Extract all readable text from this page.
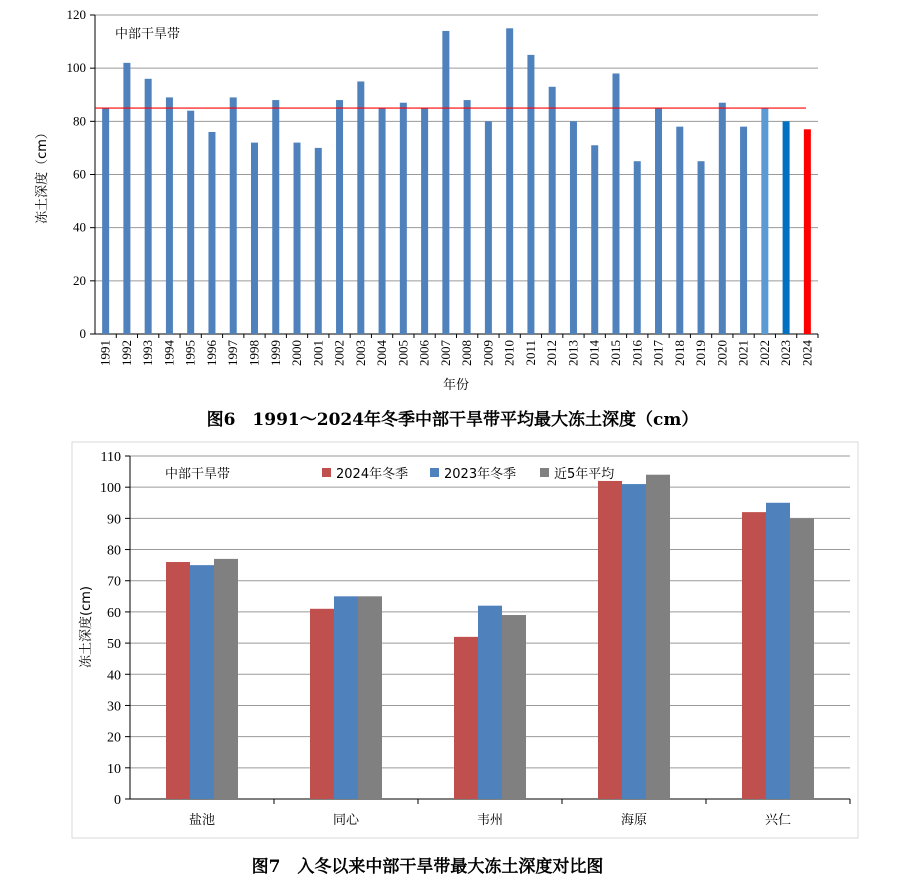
0
20
40
60
80
100
120
1991 1992 1993 1994 1995 1996 1997 1998 1999 2000 2001 2002 2003 2004 2005 2006 2007 2008 2009 2010 2011 2012 2013 2014 2015 2016 2017 2018 2019 2020 2021 2022 2023 2024
中部干旱带
年份
冻土深度（cm）
图6　1991～2024年冬季中部干旱带平均最大冻土深度（cm）
0
10
20
30
40
50
60
70
80
90
100
110
盐池	同心	韦州	海原	兴仁
中部干旱带	2024年冬季	2023年冬季	近5年平均
冻土深度(cm)
图7　入冬以来中部干旱带最大冻土深度对比图
